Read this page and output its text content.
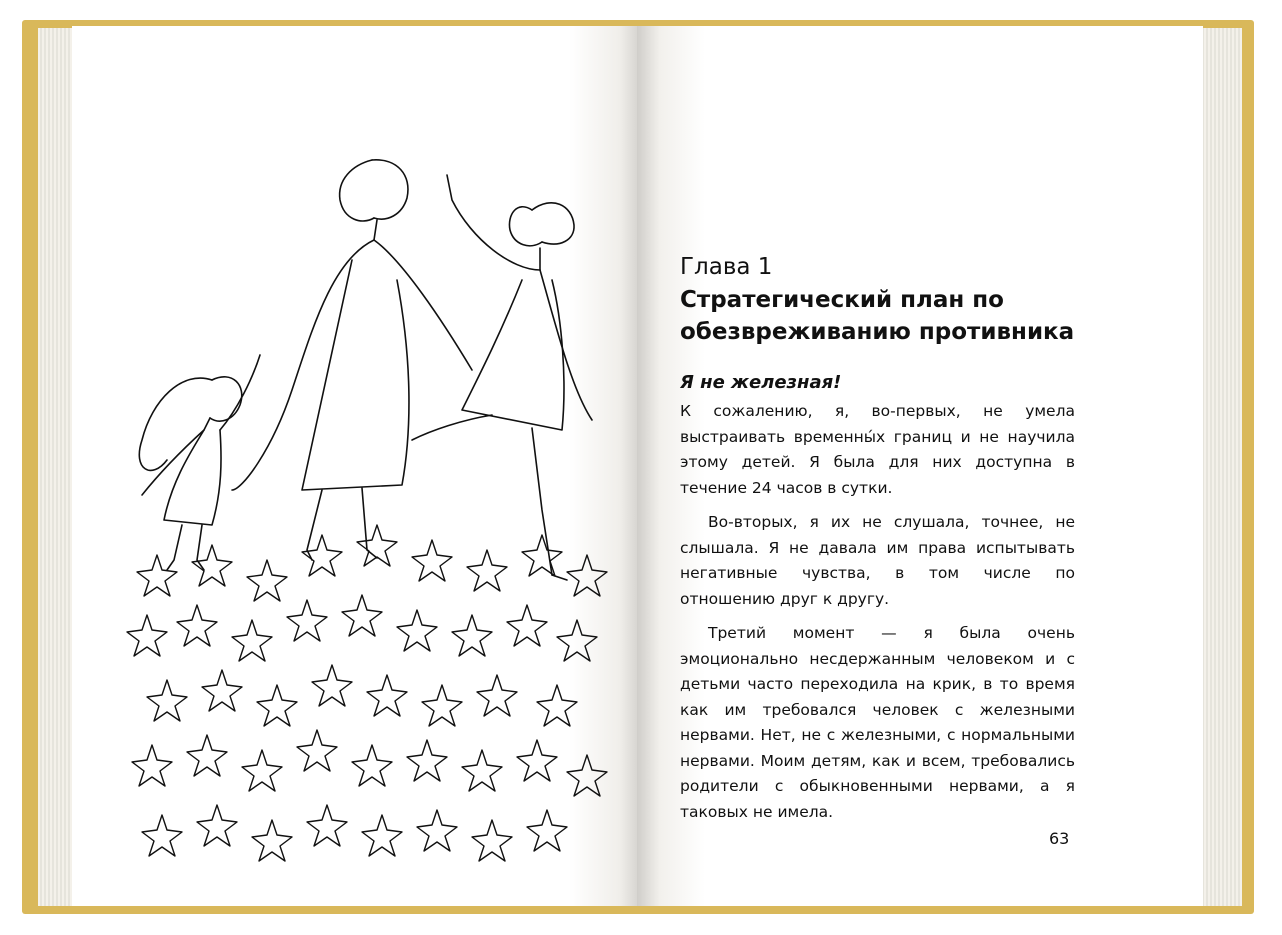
Глава 1
Стратегический план по обезвреживанию противника
Я не железная!

К сожалению, я, во-первых, не умела выстраивать временны́х границ и не научила этому детей. Я была для них доступна в течение 24 часов в сутки.

Во-вторых, я их не слушала, точнее, не слышала. Я не давала им права испытывать негативные чувства, в том числе по отношению друг к другу.

Третий момент — я была очень эмоционально несдержанным человеком и с детьми часто переходила на крик, в то время как им требовался человек с железными нервами. Нет, не с железными, с нормальными нервами. Моим детям, как и всем, требовались родители с обыкновенными нервами, а я таковых не имела.

63
